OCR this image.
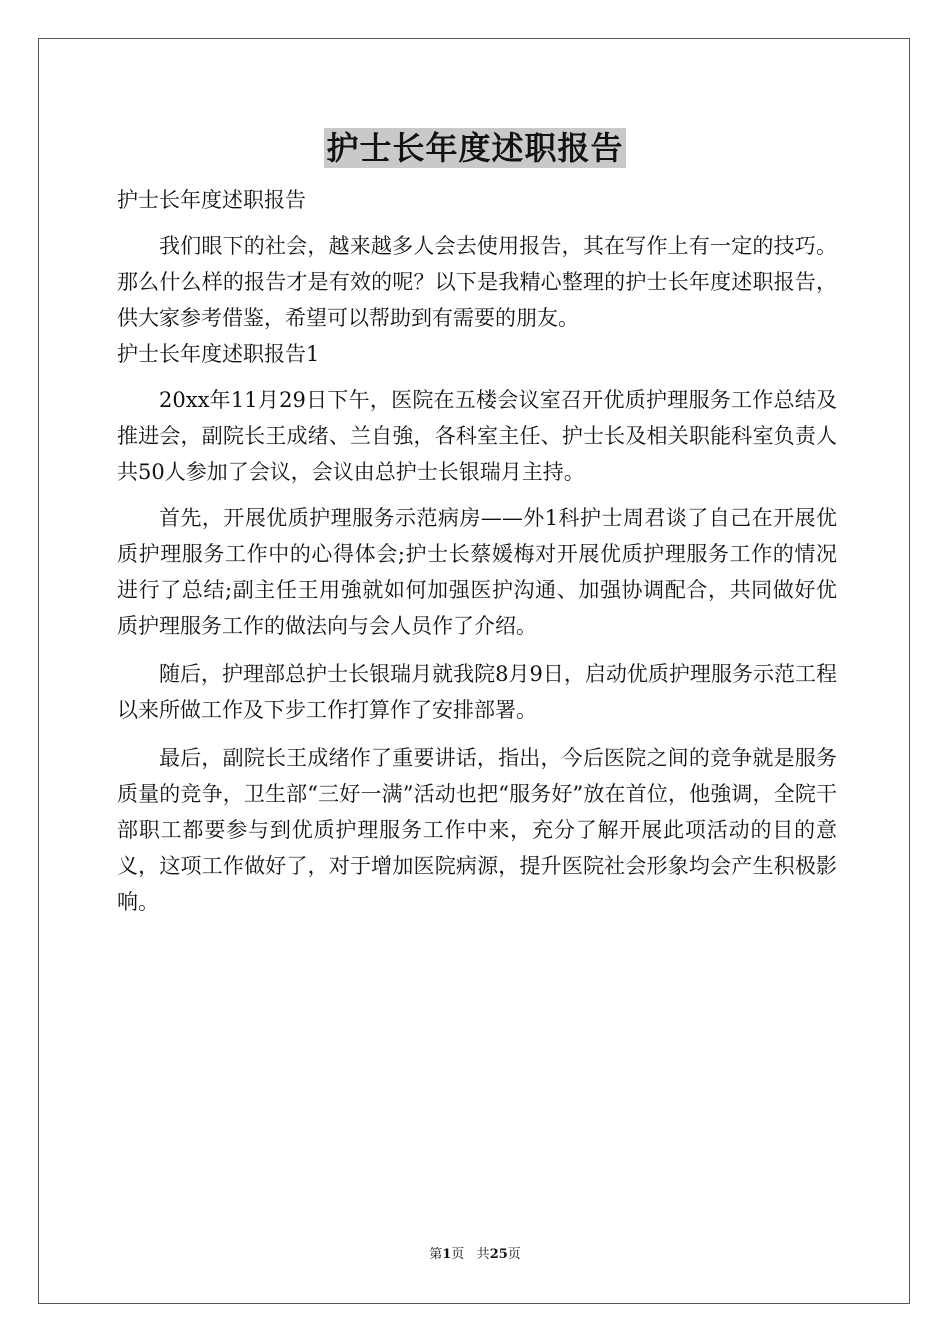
护士长年度述职报告

护士长年度述职报告

我们眼下的社会，越来越多人会去使用报告，其在写作上有一定的技巧。那么什么样的报告才是有效的呢？以下是我精心整理的护士长年度述职报告，供大家参考借鉴，希望可以帮助到有需要的朋友。

护士长年度述职报告1

20xx年11月29日下午，医院在五楼会议室召开优质护理服务工作总结及推进会，副院长王成绪、兰自強，各科室主任、护士长及相关职能科室负责人共50人参加了会议，会议由总护士长银瑞月主持。

首先，开展优质护理服务示范病房——外1科护士周君谈了自己在开展优质护理服务工作中的心得体会;护士长蔡媛梅对开展优质护理服务工作的情况进行了总结;副主任王用強就如何加强医护沟通、加强协调配合，共同做好优质护理服务工作的做法向与会人员作了介绍。

随后，护理部总护士长银瑞月就我院8月9日，启动优质护理服务示范工程以来所做工作及下步工作打算作了安排部署。

最后，副院长王成绪作了重要讲话，指出，今后医院之间的竞争就是服务质量的竞争，卫生部“三好一满”活动也把“服务好”放在首位，他強调，全院干部职工都要参与到优质护理服务工作中来，充分了解开展此项活动的目的意义，这项工作做好了，对于增加医院病源，提升医院社会形象均会产生积极影响。

第1页 共25页
